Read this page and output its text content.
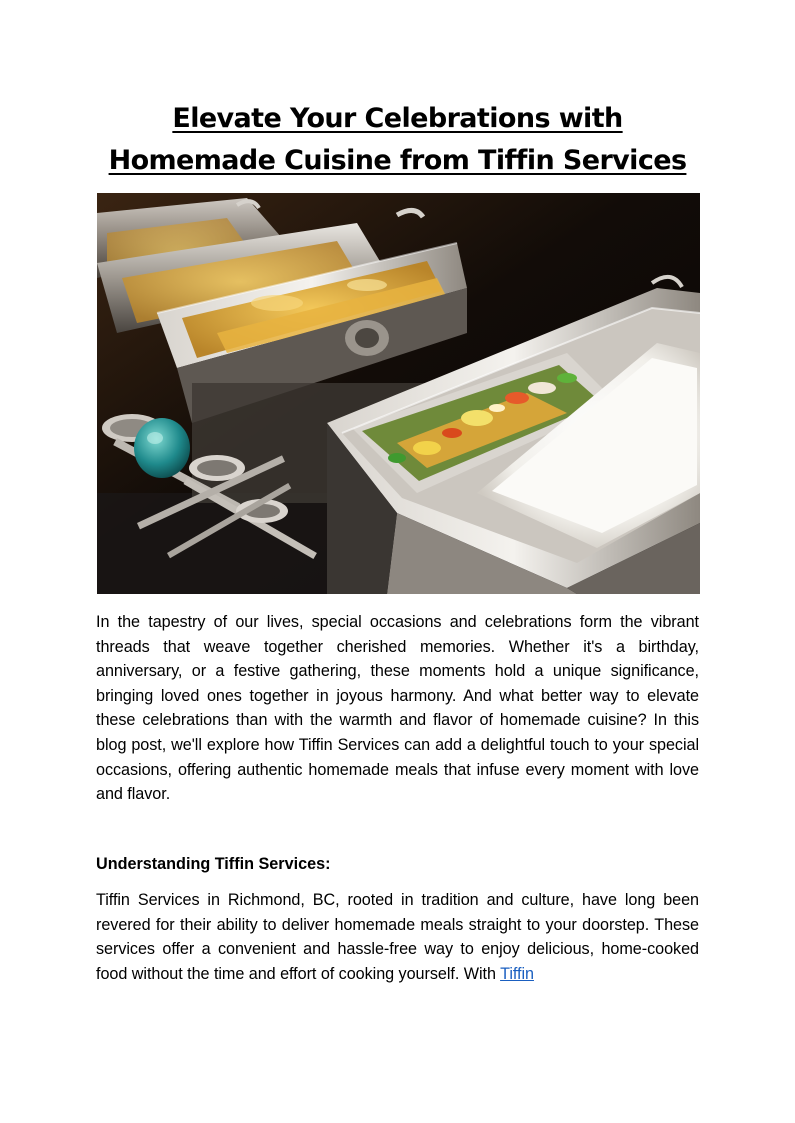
Elevate Your Celebrations with Homemade Cuisine from Tiffin Services

In the tapestry of our lives, special occasions and celebrations form the vibrant threads that weave together cherished memories. Whether it's a birthday, anniversary, or a festive gathering, these moments hold a unique significance, bringing loved ones together in joyous harmony. And what better way to elevate these celebrations than with the warmth and flavor of homemade cuisine? In this blog post, we'll explore how Tiffin Services can add a delightful touch to your special occasions, offering authentic homemade meals that infuse every moment with love and flavor.

Understanding Tiffin Services:

Tiffin Services in Richmond, BC, rooted in tradition and culture, have long been revered for their ability to deliver homemade meals straight to your doorstep. These services offer a convenient and hassle-free way to enjoy delicious, home-cooked food without the time and effort of cooking yourself. With Tiffin
